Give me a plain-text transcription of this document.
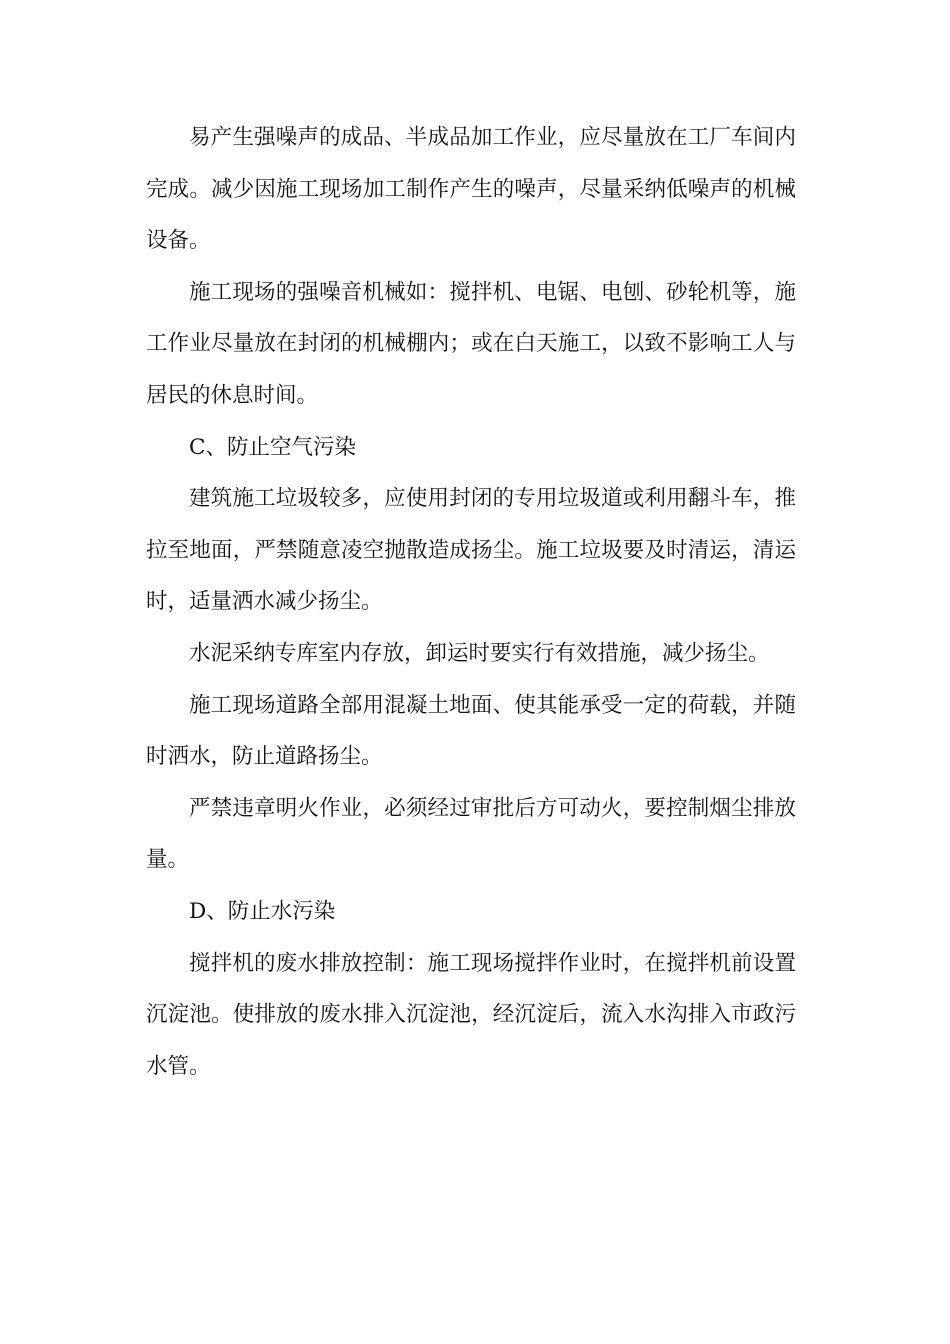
易产生强噪声的成品、半成品加工作业，应尽量放在工厂车间内完成。减少因施工现场加工制作产生的噪声，尽量采纳低噪声的机械设备。

施工现场的强噪音机械如：搅拌机、电锯、电刨、砂轮机等，施工作业尽量放在封闭的机械棚内；或在白天施工，以致不影响工人与居民的休息时间。

C、防止空气污染

建筑施工垃圾较多，应使用封闭的专用垃圾道或利用翻斗车，推拉至地面，严禁随意凌空抛散造成扬尘。施工垃圾要及时清运，清运时，适量洒水减少扬尘。

水泥采纳专库室内存放，卸运时要实行有效措施，减少扬尘。

施工现场道路全部用混凝土地面、使其能承受一定的荷载，并随时洒水，防止道路扬尘。

严禁违章明火作业，必须经过审批后方可动火，要控制烟尘排放量。

D、防止水污染

搅拌机的废水排放控制：施工现场搅拌作业时，在搅拌机前设置沉淀池。使排放的废水排入沉淀池，经沉淀后，流入水沟排入市政污水管。
